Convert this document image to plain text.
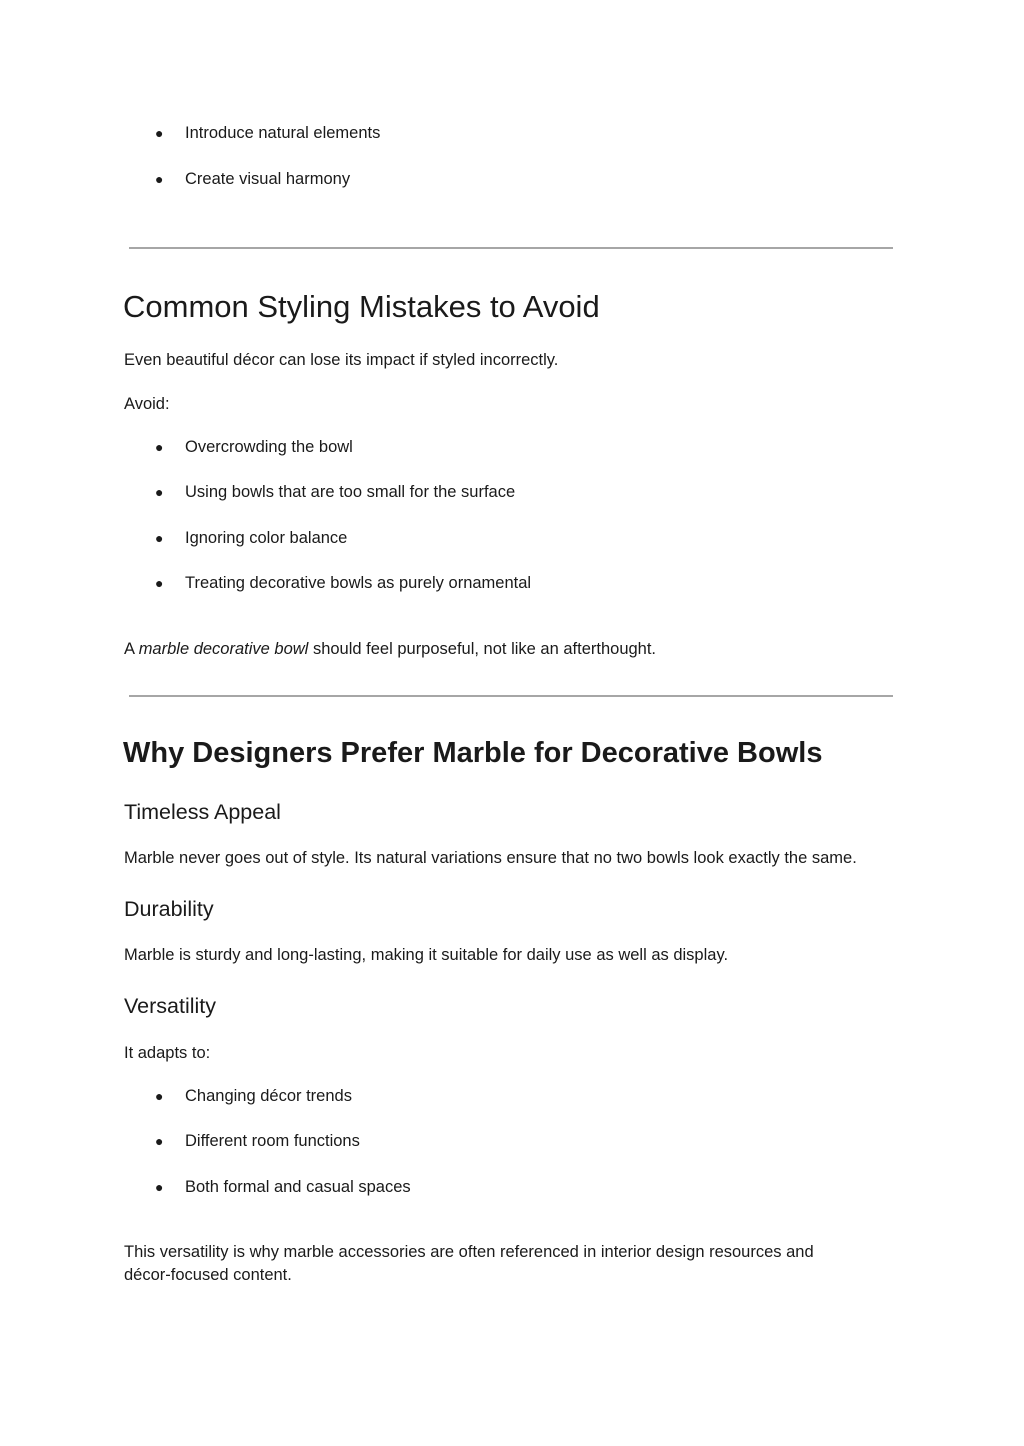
●	Introduce natural elements
●	Create visual harmony
Common Styling Mistakes to Avoid

Even beautiful décor can lose its impact if styled incorrectly.

Avoid:

●	Overcrowding the bowl
●	Using bowls that are too small for the surface
●	Ignoring color balance
●	Treating decorative bowls as purely ornamental

A marble decorative bowl should feel purposeful, not like an afterthought.

Why Designers Prefer Marble for Decorative Bowls
Timeless Appeal

Marble never goes out of style. Its natural variations ensure that no two bowls look exactly the same.

Durability

Marble is sturdy and long-lasting, making it suitable for daily use as well as display.

Versatility

It adapts to:

●	Changing décor trends
●	Different room functions
●	Both formal and casual spaces

This versatility is why marble accessories are often referenced in interior design resources and

décor-focused content.
